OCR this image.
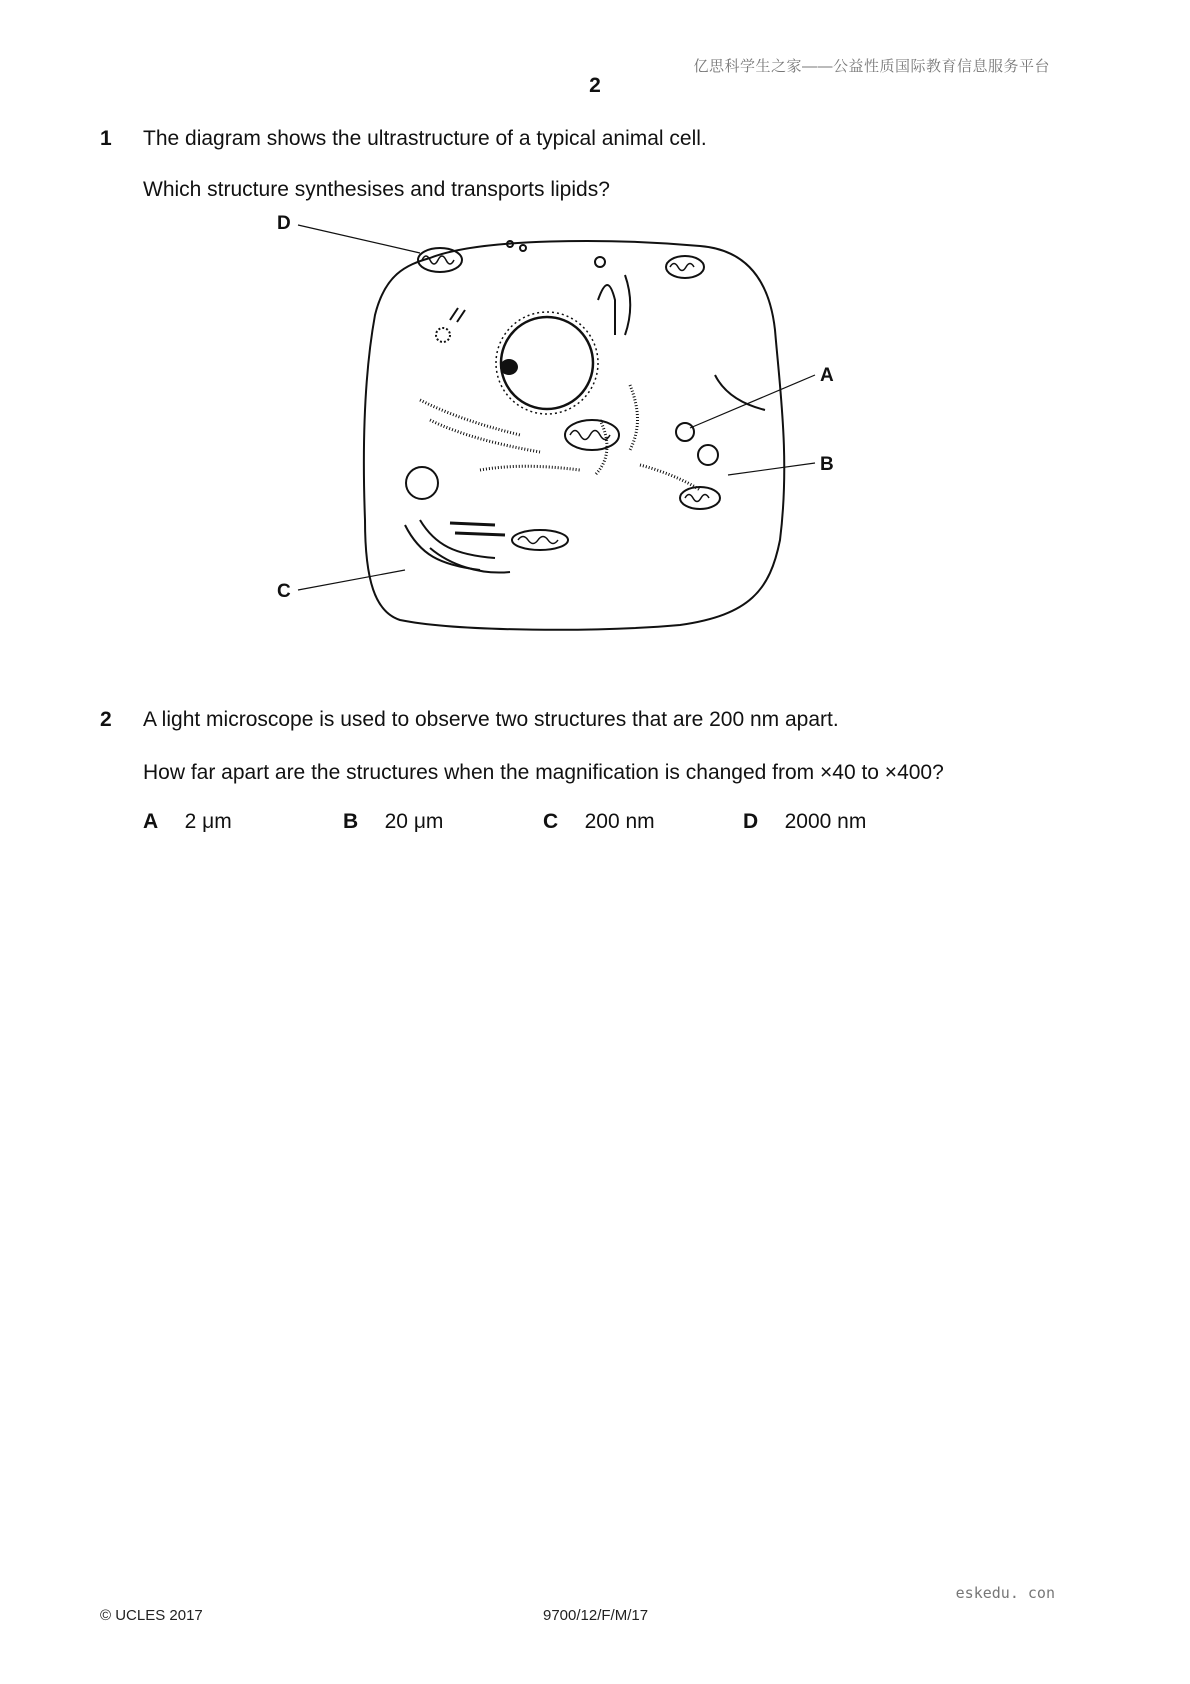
亿思科学生之家——公益性质国际教育信息服务平台
2
1 The diagram shows the ultrastructure of a typical animal cell.
Which structure synthesises and transports lipids?
D
A
B
C
2 A light microscope is used to observe two structures that are 200 nm apart.
How far apart are the structures when the magnification is changed from ×40 to ×400?
A 2 μm	B 20 μm	C 200 nm	D 2000 nm
eskedu. con
© UCLES 2017	9700/12/F/M/17
